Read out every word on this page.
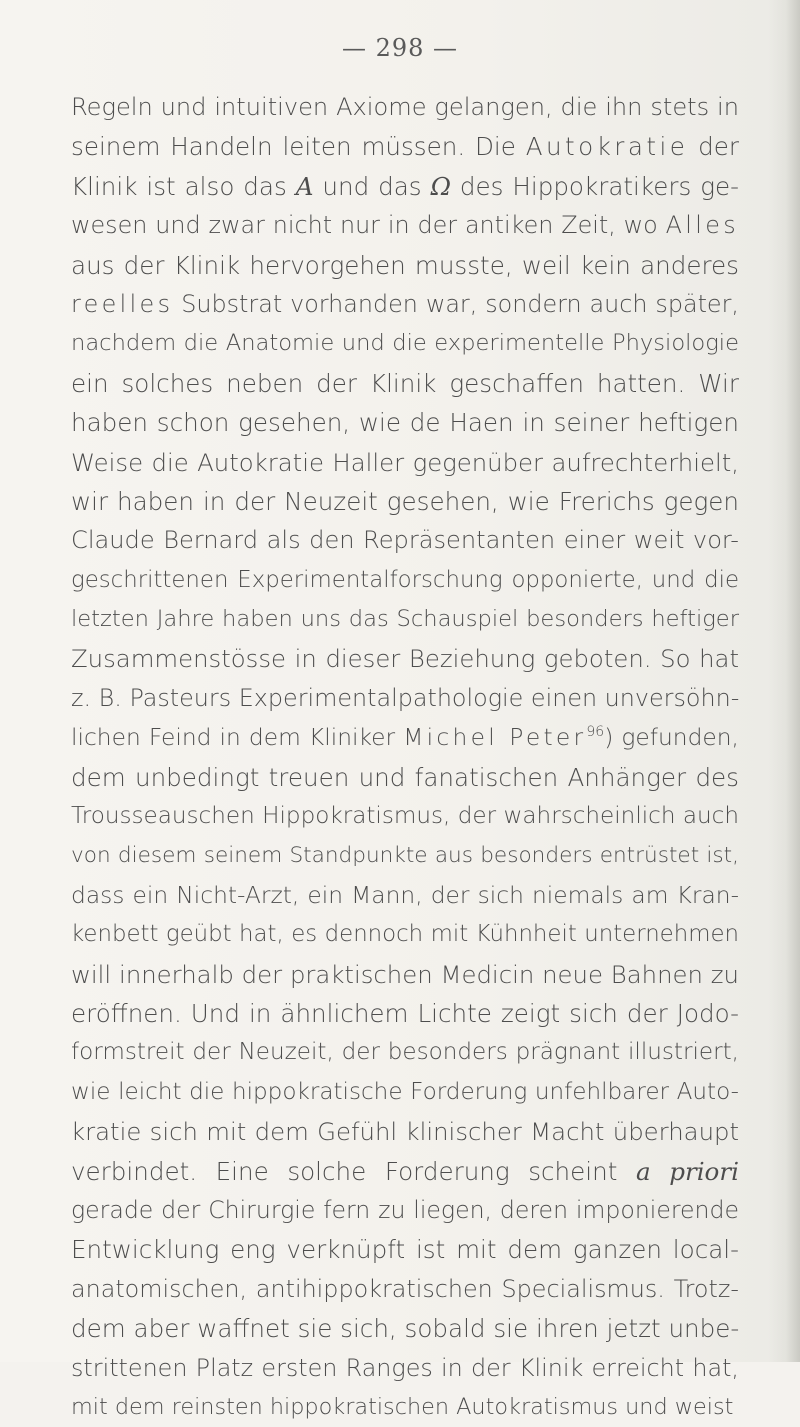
— 298 —
Regeln und intuitiven Axiome gelangen, die ihn stets in
seinem Handeln leiten müssen. Die Autokratie der
Klinik ist also das A und das Ω des Hippokratikers ge-
wesen und zwar nicht nur in der antiken Zeit, wo Alles
aus der Klinik hervorgehen musste, weil kein anderes
reelles Substrat vorhanden war, sondern auch später,
nachdem die Anatomie und die experimentelle Physiologie
ein solches neben der Klinik geschaffen hatten. Wir
haben schon gesehen, wie de Haen in seiner heftigen
Weise die Autokratie Haller gegenüber aufrechterhielt,
wir haben in der Neuzeit gesehen, wie Frerichs gegen
Claude Bernard als den Repräsentanten einer weit vor-
geschrittenen Experimentalforschung opponierte, und die
letzten Jahre haben uns das Schauspiel besonders heftiger
Zusammenstösse in dieser Beziehung geboten. So hat
z. B. Pasteurs Experimentalpathologie einen unversöhn-
lichen Feind in dem Kliniker Michel Peter$^{96}$) gefunden,
dem unbedingt treuen und fanatischen Anhänger des
Trousseauschen Hippokratismus, der wahrscheinlich auch
von diesem seinem Standpunkte aus besonders entrüstet ist,
dass ein Nicht-Arzt, ein Mann, der sich niemals am Kran-
kenbett geübt hat, es dennoch mit Kühnheit unternehmen
will innerhalb der praktischen Medicin neue Bahnen zu
eröffnen. Und in ähnlichem Lichte zeigt sich der Jodo-
formstreit der Neuzeit, der besonders prägnant illustriert,
wie leicht die hippokratische Forderung unfehlbarer Auto-
kratie sich mit dem Gefühl klinischer Macht überhaupt
verbindet. Eine solche Forderung scheint a priori
gerade der Chirurgie fern zu liegen, deren imponierende
Entwicklung eng verknüpft ist mit dem ganzen local-
anatomischen, antihippokratischen Specialismus. Trotz-
dem aber waffnet sie sich, sobald sie ihren jetzt unbe-
strittenen Platz ersten Ranges in der Klinik erreicht hat,
mit dem reinsten hippokratischen Autokratismus und weist
